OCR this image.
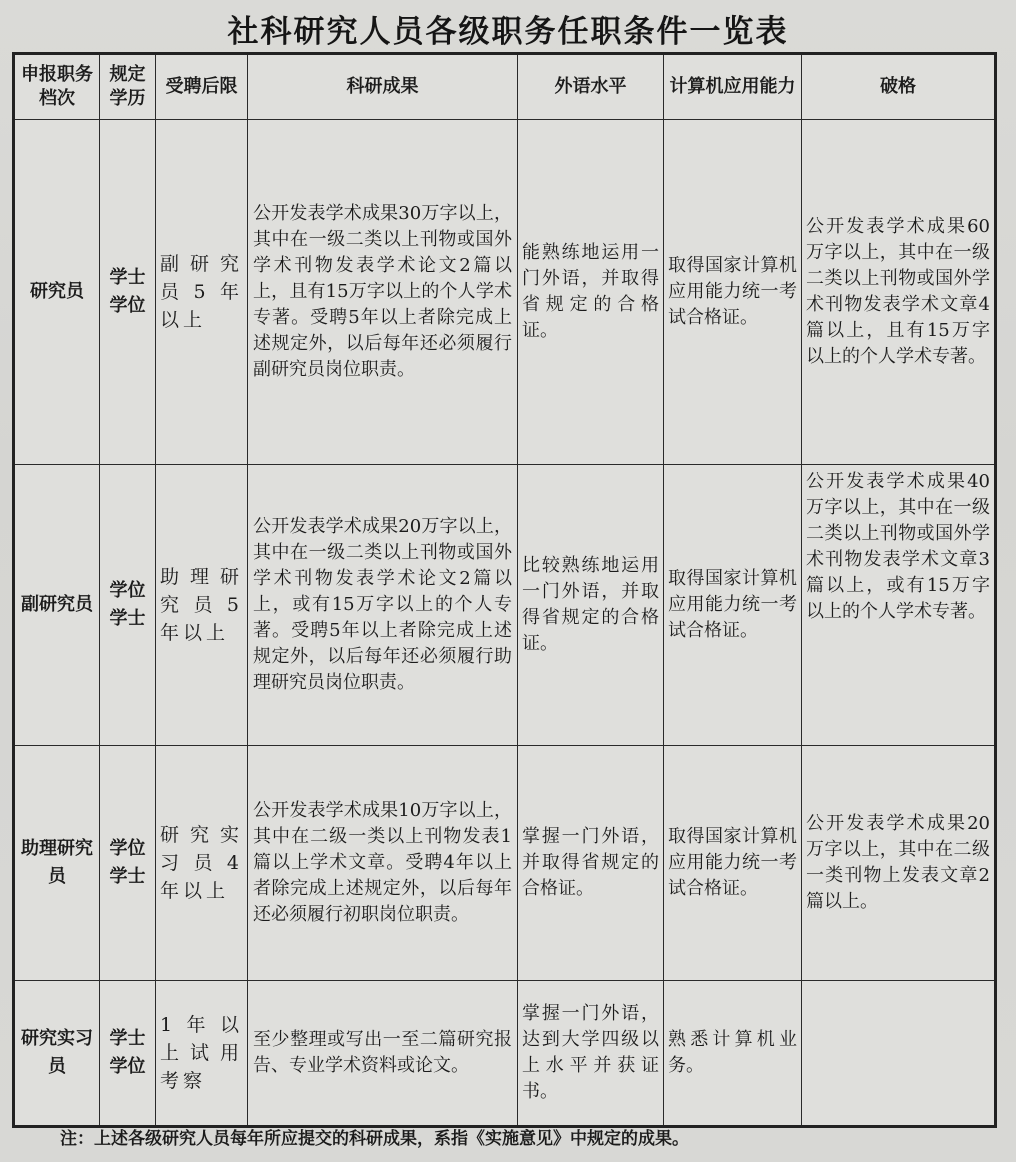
社科研究人员各级职务任职条件一览表
申报职务档次	规定学历	受聘后限	科研成果	外语水平	计算机应用能力	破格
研究员	学士学位	副研究员5年以上	公开发表学术成果30万字以上，其中在一级二类以上刊物或国外学术刊物发表学术论文2篇以上，且有15万字以上的个人学术专著。受聘5年以上者除完成上述规定外，以后每年还必须履行副研究员岗位职责。	能熟练地运用一门外语，并取得省规定的合格证。	取得国家计算机应用能力统一考试合格证。	公开发表学术成果60万字以上，其中在一级二类以上刊物或国外学术刊物发表学术文章4篇以上，且有15万字以上的个人学术专著。
副研究员	学位学士	助理研究员5年以上	公开发表学术成果20万字以上，其中在一级二类以上刊物或国外学术刊物发表学术论文2篇以上，或有15万字以上的个人专著。受聘5年以上者除完成上述规定外，以后每年还必须履行助理研究员岗位职责。	比较熟练地运用一门外语，并取得省规定的合格证。	取得国家计算机应用能力统一考试合格证。	公开发表学术成果40万字以上，其中在一级二类以上刊物或国外学术刊物发表学术文章3篇以上，或有15万字以上的个人学术专著。
助理研究员	学位学士	研究实习员4年以上	公开发表学术成果10万字以上，其中在二级一类以上刊物发表1篇以上学术文章。受聘4年以上者除完成上述规定外，以后每年还必须履行初职岗位职责。	掌握一门外语，并取得省规定的合格证。	取得国家计算机应用能力统一考试合格证。	公开发表学术成果20万字以上，其中在二级一类刊物上发表文章2篇以上。
研究实习员	学士学位	1年以上试用考察	至少整理或写出一至二篇研究报告、专业学术资料或论文。	掌握一门外语，达到大学四级以上水平并获证书。	熟悉计算机业务。	
注：上述各级研究人员每年所应提交的科研成果，系指《实施意见》中规定的成果。
